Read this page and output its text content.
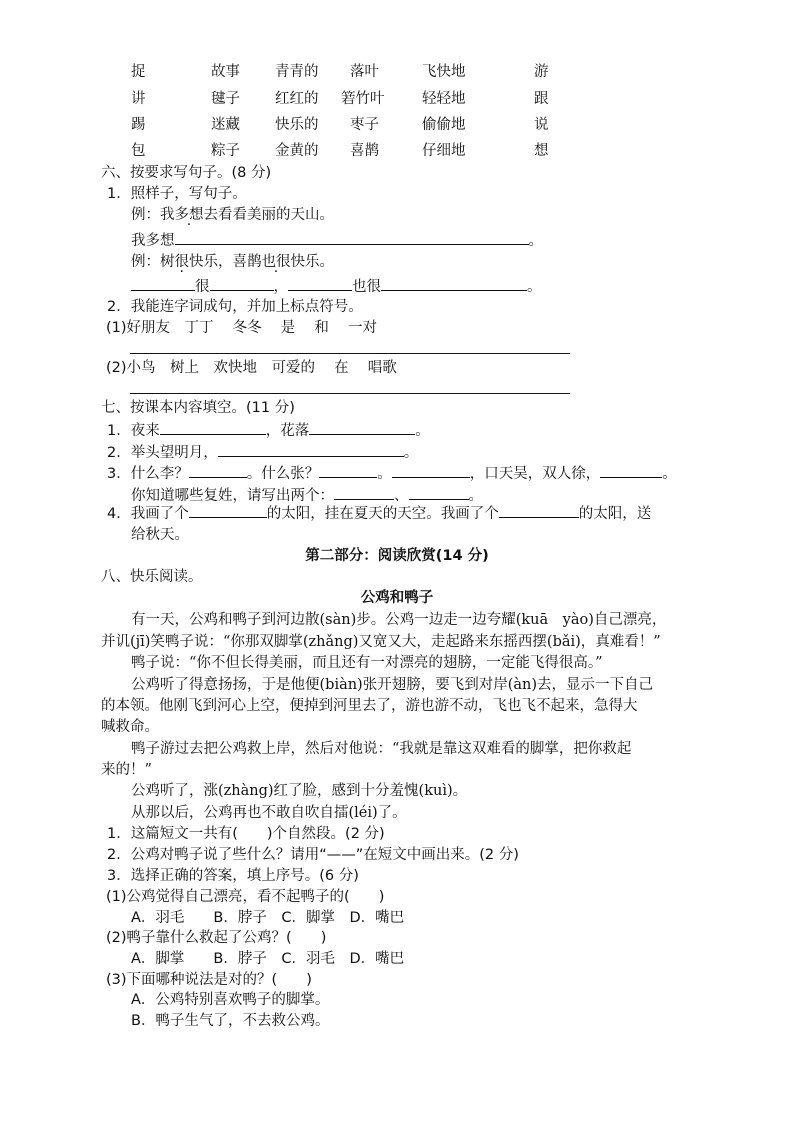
捉	故事 青青的 落叶	飞快地	游
讲	毽子 红红的 箬竹叶	轻轻地	跟
踢	迷藏 快乐的 枣子	偷偷地	说
包	粽子 金黄的 喜鹊	仔细地	想
六、按要求写句子。(8 分)
1．照样子，写句子。
例：我多想去看看美丽的天山。
我多想	。
例：树很快乐，喜鹊也很快乐。
很	，	也很	。
2．我能连字词成句，并加上标点符号。
(1)好朋友　丁丁　 冬冬　 是　 和　 一对
(2)小鸟　树上　欢快地　可爱的　 在　 唱歌
七、按课本内容填空。(11 分)
1．夜来	，花落	。
2．举头望明月，	。
3．什么李？	。什么张？	。	，口天吴，双人徐，	。
你知道哪些复姓，请写出两个：	、	。
4．我画了个	的太阳，挂在夏天的天空。我画了个	的太阳，送
给秋天。
第二部分：阅读欣赏(14 分)
八、快乐阅读。
公鸡和鸭子
有一天，公鸡和鸭子到河边散(sàn)步。公鸡一边走一边夸耀(kuā　yào)自己漂亮，
并讥(jī)笑鸭子说：“你那双脚掌(zhǎng)又宽又大，走起路来东摇西摆(bǎi)，真难看！”
鸭子说：“你不但长得美丽，而且还有一对漂亮的翅膀，一定能飞得很高。”
公鸡听了得意扬扬，于是他便(biàn)张开翅膀，要飞到对岸(àn)去，显示一下自己
的本领。他刚飞到河心上空，便掉到河里去了，游也游不动，飞也飞不起来，急得大
喊救命。
鸭子游过去把公鸡救上岸，然后对他说：“我就是靠这双难看的脚掌，把你救起
来的！”
公鸡听了，涨(zhàng)红了脸，感到十分羞愧(kuì)。
从那以后，公鸡再也不敢自吹自擂(léi)了。
1．这篇短文一共有(　　)个自然段。(2 分)
2．公鸡对鸭子说了些什么？请用“——”在短文中画出来。(2 分)
3．选择正确的答案，填上序号。(6 分)
(1)公鸡觉得自己漂亮，看不起鸭子的(　　)
A．羽毛　　B．脖子　C．脚掌　D．嘴巴
(2)鸭子靠什么救起了公鸡？(　　)
A．脚掌　　B．脖子　C．羽毛　D．嘴巴
(3)下面哪种说法是对的？(　　)
A．公鸡特别喜欢鸭子的脚掌。
B．鸭子生气了，不去救公鸡。
